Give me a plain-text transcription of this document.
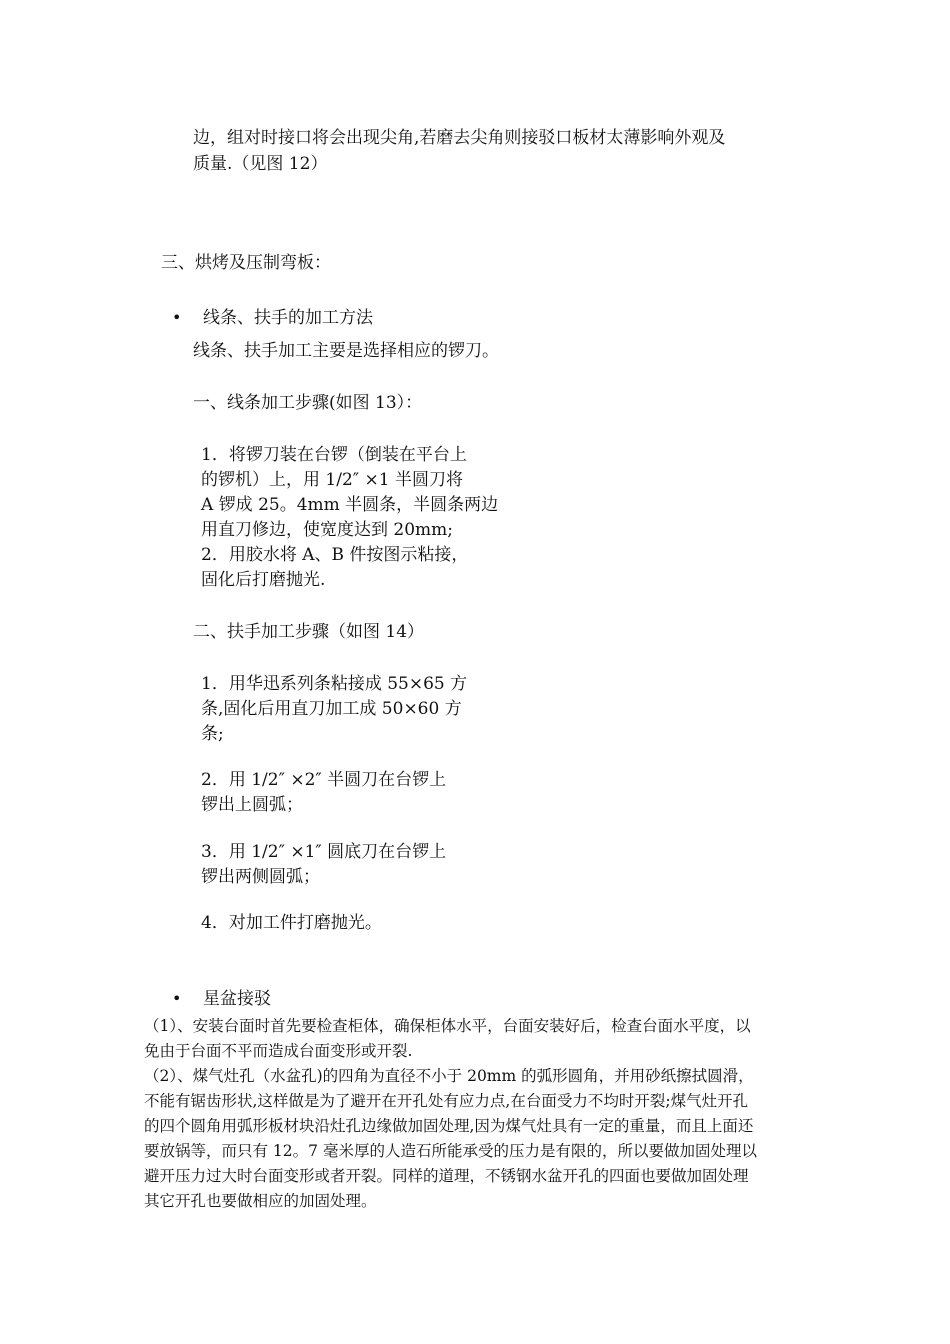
边，组对时接口将会出现尖角,若磨去尖角则接驳口板材太薄影响外观及
质量.（见图 12）
三、烘烤及压制弯板：
• 线条、扶手的加工方法
线条、扶手加工主要是选择相应的锣刀。
一、线条加工步骤(如图 13）：
1．将锣刀装在台锣（倒装在平台上
的锣机）上，用 1/2″ ×1 半圆刀将
A 锣成 25。4mm 半圆条，半圆条两边
用直刀修边，使宽度达到 20mm;
2．用胶水将 A、B 件按图示粘接，
固化后打磨抛光.
二、扶手加工步骤（如图 14）
1．用华迅系列条粘接成 55×65 方
条,固化后用直刀加工成 50×60 方
条;
2．用 1/2″ ×2″ 半圆刀在台锣上
锣出上圆弧；
3．用 1/2″ ×1″ 圆底刀在台锣上
锣出两侧圆弧；
4．对加工件打磨抛光。
• 星盆接驳
（1）、安装台面时首先要检查柜体，确保柜体水平，台面安装好后，检查台面水平度，以
免由于台面不平而造成台面变形或开裂.
（2）、煤气灶孔（水盆孔)的四角为直径不小于 20mm 的弧形圆角，并用砂纸擦拭圆滑，
不能有锯齿形状,这样做是为了避开在开孔处有应力点,在台面受力不均时开裂;煤气灶开孔
的四个圆角用弧形板材块沿灶孔边缘做加固处理,因为煤气灶具有一定的重量，而且上面还
要放锅等，而只有 12。7 毫米厚的人造石所能承受的压力是有限的，所以要做加固处理以
避开压力过大时台面变形或者开裂。同样的道理，不锈钢水盆开孔的四面也要做加固处理
其它开孔也要做相应的加固处理。
